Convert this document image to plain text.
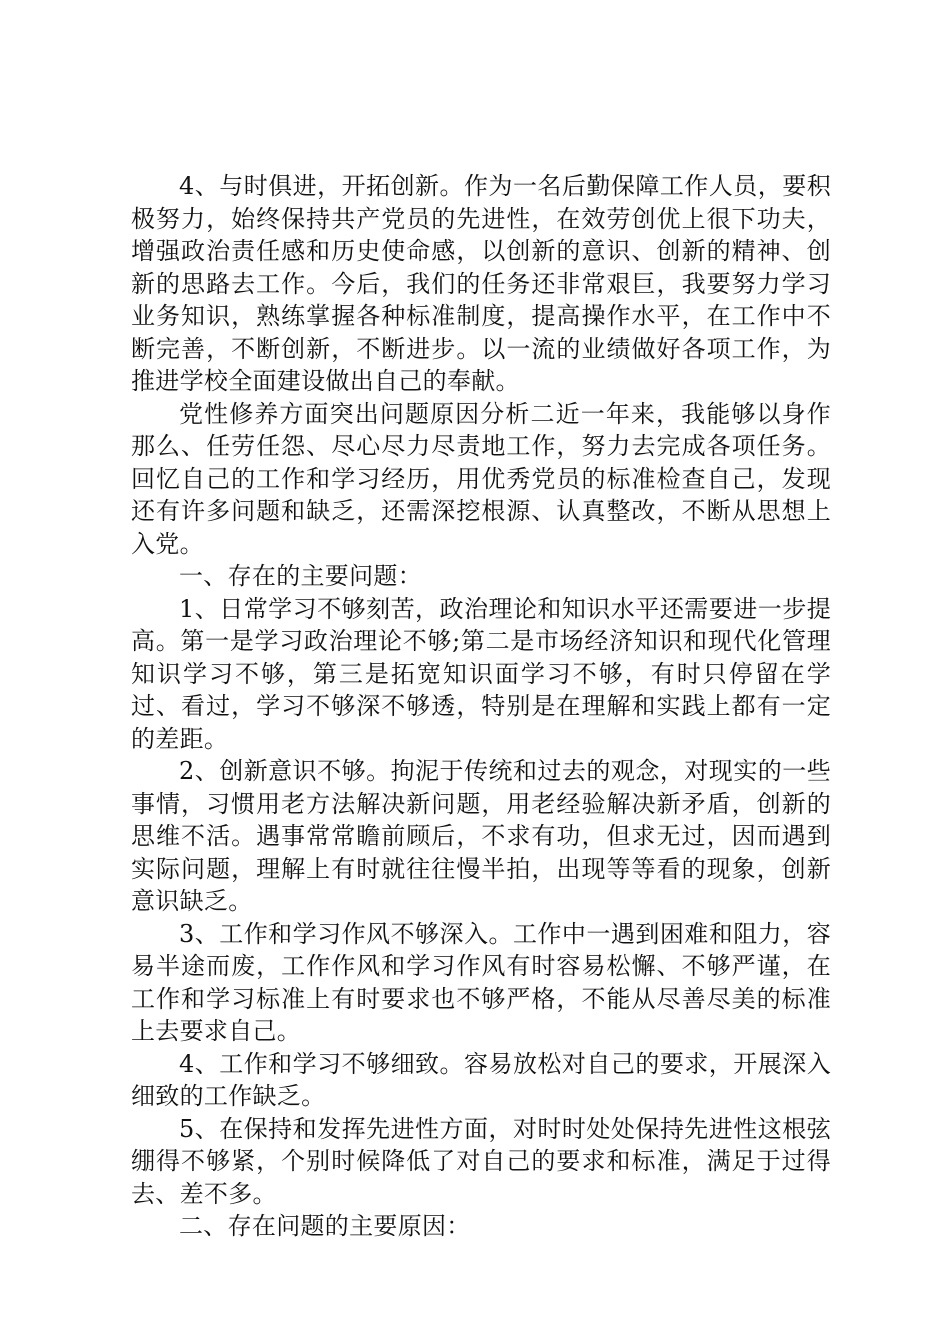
4、与时俱进，开拓创新。作为一名后勤保障工作人员，要积极努力，始终保持共产党员的先进性，在效劳创优上很下功夫，增强政治责任感和历史使命感，以创新的意识、创新的精神、创新的思路去工作。今后，我们的任务还非常艰巨，我要努力学习业务知识，熟练掌握各种标准制度，提高操作水平，在工作中不断完善，不断创新，不断进步。以一流的业绩做好各项工作，为推进学校全面建设做出自己的奉献。

党性修养方面突出问题原因分析二近一年来，我能够以身作那么、任劳任怨、尽心尽力尽责地工作，努力去完成各项任务。回忆自己的工作和学习经历，用优秀党员的标准检查自己，发现还有许多问题和缺乏，还需深挖根源、认真整改，不断从思想上入党。

一、存在的主要问题：

1、日常学习不够刻苦，政治理论和知识水平还需要进一步提高。第一是学习政治理论不够;第二是市场经济知识和现代化管理知识学习不够，第三是拓宽知识面学习不够，有时只停留在学过、看过，学习不够深不够透，特别是在理解和实践上都有一定的差距。

2、创新意识不够。拘泥于传统和过去的观念，对现实的一些事情，习惯用老方法解决新问题，用老经验解决新矛盾，创新的思维不活。遇事常常瞻前顾后，不求有功，但求无过，因而遇到实际问题，理解上有时就往往慢半拍，出现等等看的现象，创新意识缺乏。

3、工作和学习作风不够深入。工作中一遇到困难和阻力，容易半途而废，工作作风和学习作风有时容易松懈、不够严谨，在工作和学习标准上有时要求也不够严格，不能从尽善尽美的标准上去要求自己。

4、工作和学习不够细致。容易放松对自己的要求，开展深入细致的工作缺乏。

5、在保持和发挥先进性方面，对时时处处保持先进性这根弦绷得不够紧，个别时候降低了对自己的要求和标准，满足于过得去、差不多。

二、存在问题的主要原因：
